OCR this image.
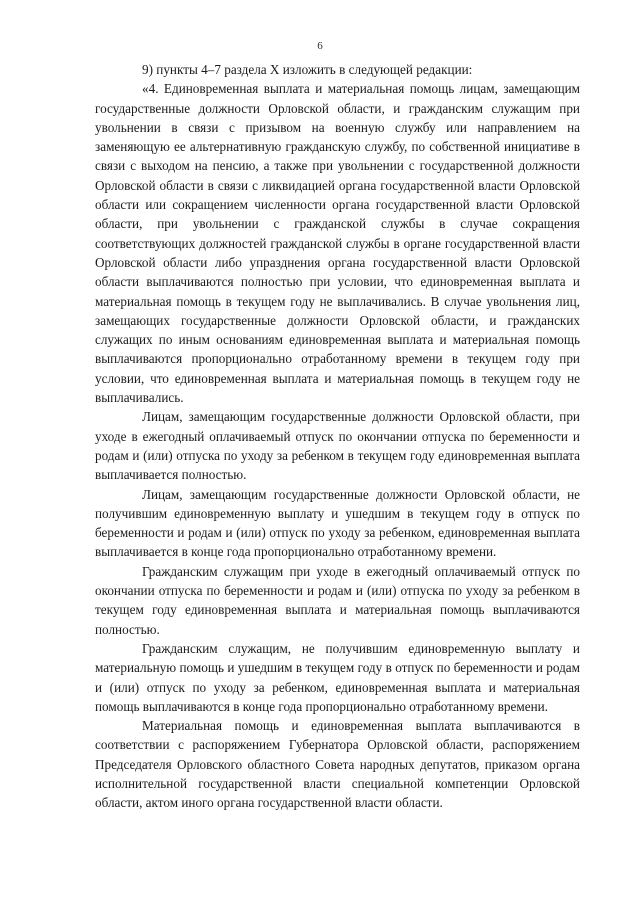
6

9) пункты 4–7 раздела X изложить в следующей редакции:

«4. Единовременная выплата и материальная помощь лицам, замещающим государственные должности Орловской области, и гражданским служащим при увольнении в связи с призывом на военную службу или направлением на заменяющую ее альтернативную гражданскую службу, по собственной инициативе в связи с выходом на пенсию, а также при увольнении с государственной должности Орловской области в связи с ликвидацией органа государственной власти Орловской области или сокращением численности органа государственной власти Орловской области, при увольнении с гражданской службы в случае сокращения соответствующих должностей гражданской службы в органе государственной власти Орловской области либо упразднения органа государственной власти Орловской области выплачиваются полностью при условии, что единовременная выплата и материальная помощь в текущем году не выплачивались. В случае увольнения лиц, замещающих государственные должности Орловской области, и гражданских служащих по иным основаниям единовременная выплата и материальная помощь выплачиваются пропорционально отработанному времени в текущем году при условии, что единовременная выплата и материальная помощь в текущем году не выплачивались.

Лицам, замещающим государственные должности Орловской области, при уходе в ежегодный оплачиваемый отпуск по окончании отпуска по беременности и родам и (или) отпуска по уходу за ребенком в текущем году единовременная выплата выплачивается полностью.

Лицам, замещающим государственные должности Орловской области, не получившим единовременную выплату и ушедшим в текущем году в отпуск по беременности и родам и (или) отпуск по уходу за ребенком, единовременная выплата выплачивается в конце года пропорционально отработанному времени.

Гражданским служащим при уходе в ежегодный оплачиваемый отпуск по окончании отпуска по беременности и родам и (или) отпуска по уходу за ребенком в текущем году единовременная выплата и материальная помощь выплачиваются полностью.

Гражданским служащим, не получившим единовременную выплату и материальную помощь и ушедшим в текущем году в отпуск по беременности и родам и (или) отпуск по уходу за ребенком, единовременная выплата и материальная помощь выплачиваются в конце года пропорционально отработанному времени.

Материальная помощь и единовременная выплата выплачиваются в соответствии с распоряжением Губернатора Орловской области, распоряжением Председателя Орловского областного Совета народных депутатов, приказом органа исполнительной государственной власти специальной компетенции Орловской области, актом иного органа государственной власти области.
